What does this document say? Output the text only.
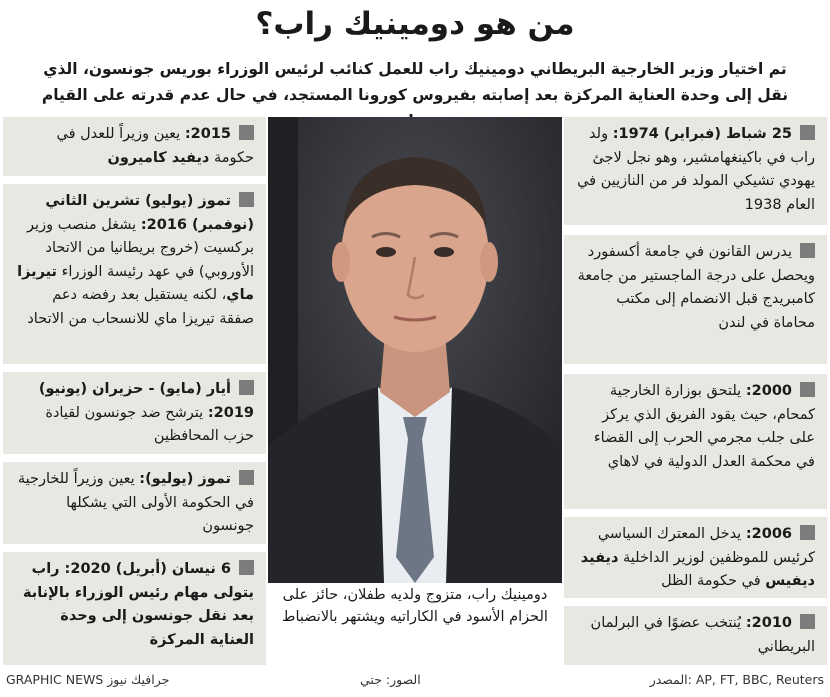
من هو دومينيك راب؟
تم اختيار وزير الخارجية البريطاني دومينيك راب للعمل كنائب لرئيس الوزراء بوريس جونسون، الذي نقل إلى وحدة العناية المركزة بعد إصابته بفيروس كورونا المستجد، في حال عدم قدرته على القيام
25 شباط (فبراير) 1974: ولد راب في باكينغهامشير، وهو نجل لاجئ يهودي تشيكي المولد فر من النازيين في العام 1938
يدرس القانون في جامعة أكسفورد ويحصل على درجة الماجستير من جامعة كامبريدج قبل الانضمام إلى مكتب محاماة في لندن
2000: يلتحق بوزارة الخارجية كمحام، حيث يقود الفريق الذي يركز على جلب مجرمي الحرب إلى القضاء في محكمة العدل الدولية في لاهاي
2006: يدخل المعترك السياسي كرئيس للموظفين لوزير الداخلية ديفيد ديفيس في حكومة الظل
2010: يُنتخب عضوًا في البرلمان البريطاني
2015: يعين وزيراً للعدل في حكومة ديفيد كاميرون
تموز (يوليو) تشرين الثاني (نوفمبر) 2016: يشغل منصب وزير بركسيت (خروج بريطانيا من الاتحاد الأوروبي) في عهد رئيسة الوزراء تيريزا ماي، لكنه يستقيل بعد رفضه دعم صفقة تيريزا ماي للانسحاب من الاتحاد
أيار (مايو) - حزيران (يونيو) 2019: يترشح ضد جونسون لقيادة حزب المحافظين
تموز (يوليو): يعين وزيراً للخارجية في الحكومة الأولى التي يشكلها جونسون
6 نيسان (أبريل) 2020: راب يتولى مهام رئيس الوزراء بالإنابة بعد نقل جونسون إلى وحدة العناية المركزة
دومينيك راب، متزوج ولديه طفلان، حائز على الحزام الأسود في الكاراتيه ويشتهر بالانضباط
المصدر: AP, FT, BBC, Reuters
الصور: جتي
GRAPHIC NEWS جرافيك نيوز
